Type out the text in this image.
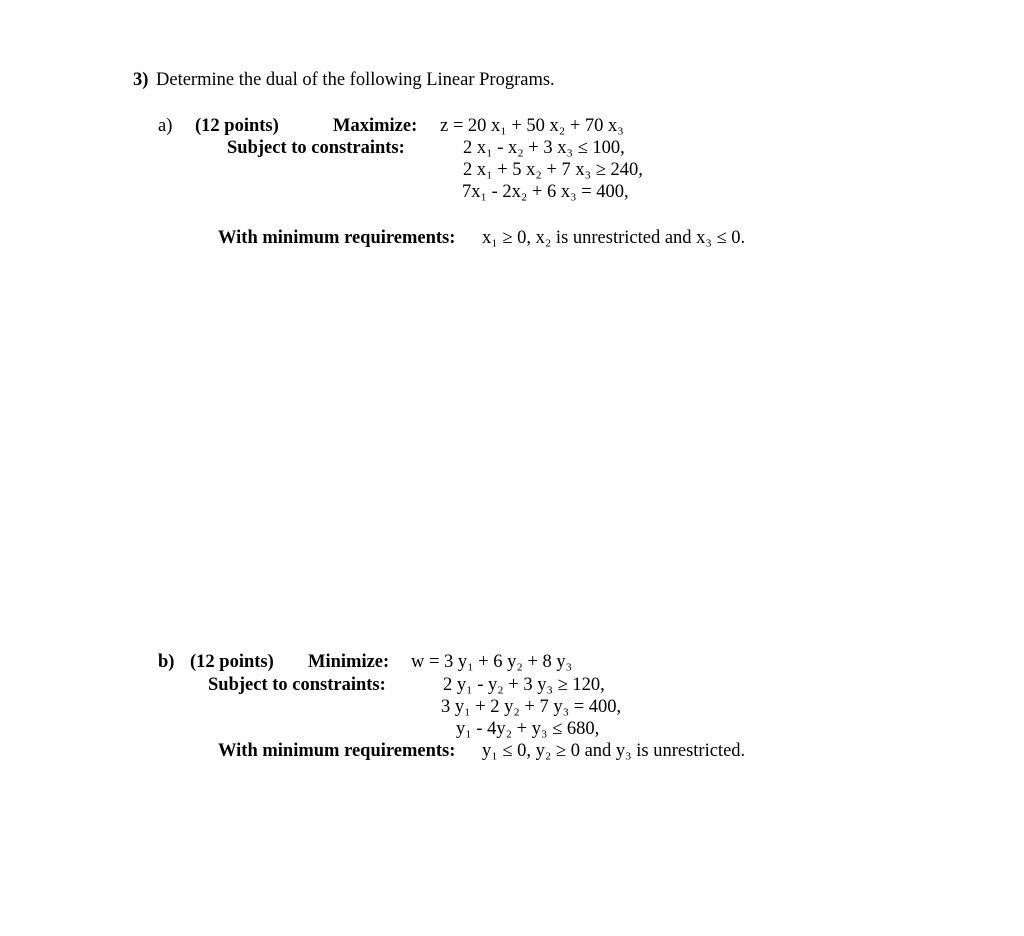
3) Determine the dual of the following Linear Programs.
a) (12 points)	Maximize: z = 20 x₁ + 50 x₂ + 70 x₃
Subject to constraints:	2 x₁ - x₂ + 3 x₃ ≤ 100,
2 x₁ + 5 x₂ + 7 x₃ ≥ 240,
7x₁ - 2x₂ + 6 x₃ = 400,
With minimum requirements: x₁ ≥ 0, x₂ is unrestricted and x₃ ≤ 0.
b) (12 points) Minimize: w = 3 y₁ + 6 y₂ + 8 y₃
Subject to constraints:	2 y₁ - y₂ + 3 y₃ ≥ 120,
3 y₁ + 2 y₂ + 7 y₃ = 400,
y₁ - 4y₂ + y₃ ≤ 680,
With minimum requirements: y₁ ≤ 0, y₂ ≥ 0 and y₃ is unrestricted.
